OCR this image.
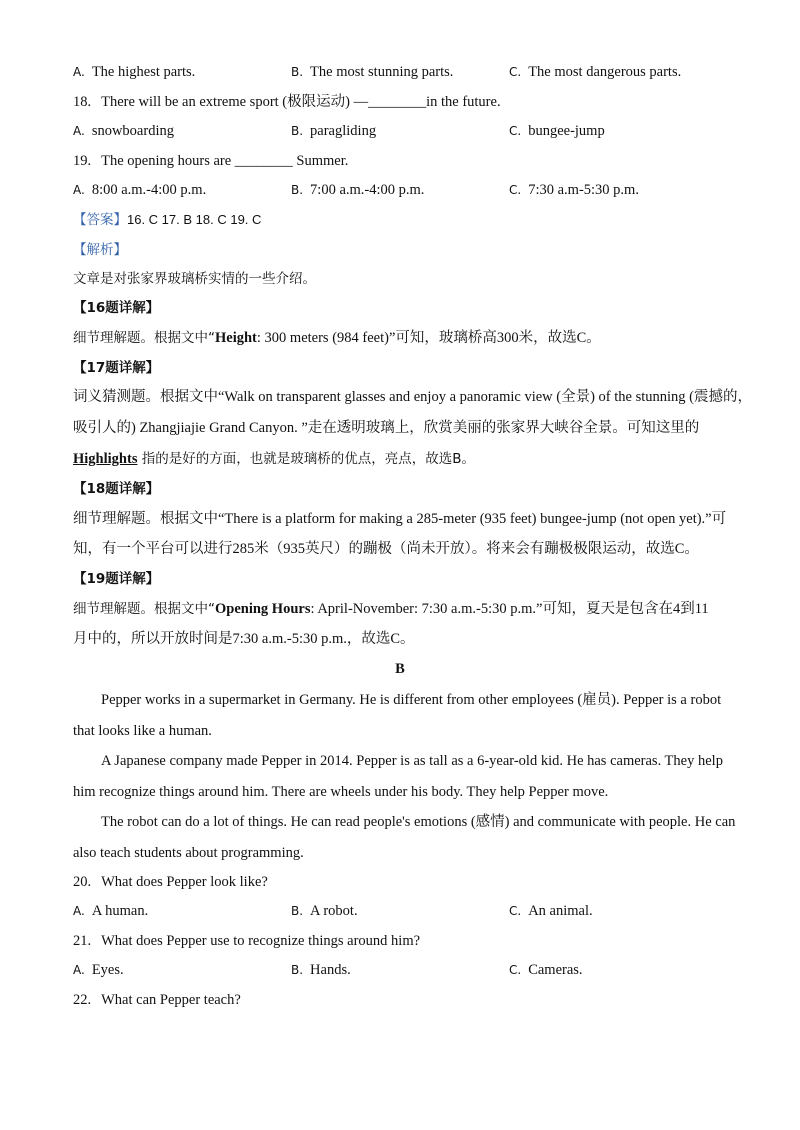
A. The highest parts.	B. The most stunning parts.	C. The most dangerous parts.
18. There will be an extreme sport (极限运动) —________in the future.
A. snowboarding	B. paragliding	C. bungee-jump
19. The opening hours are ________ Summer.
A. 8:00 a.m.-4:00 p.m.	B. 7:00 a.m.-4:00 p.m.	C. 7:30 a.m-5:30 p.m.
【答案】16. C 17. B 18. C 19. C
【解析】
文章是对张家界玻璃桥实情的一些介绍。
【16题详解】
细节理解题。根据文中“Height: 300 meters (984 feet)”可知，玻璃桥高300米，故选C。
【17题详解】
词义猜测题。根据文中“Walk on transparent glasses and enjoy a panoramic view (全景) of the stunning (震撼的，
吸引人的) Zhangjiajie Grand Canyon. ”走在透明玻璃上，欣赏美丽的张家界大峡谷全景。可知这里的
Highlights 指的是好的方面，也就是玻璃桥的优点，亮点，故选B。
【18题详解】
细节理解题。根据文中“There is a platform for making a 285-meter (935 feet) bungee-jump (not open yet).”可
知，有一个平台可以进行285米（935英尺）的蹦极（尚未开放）。将来会有蹦极极限运动，故选C。
【19题详解】
细节理解题。根据文中“Opening Hours: April-November: 7:30 a.m.-5:30 p.m.”可知，夏天是包含在4到11
月中的，所以开放时间是7:30 a.m.-5:30 p.m.，故选C。
B
Pepper works in a supermarket in Germany. He is different from other employees (雇员). Pepper is a robot
that looks like a human.
A Japanese company made Pepper in 2014. Pepper is as tall as a 6-year-old kid. He has cameras. They help
him recognize things around him. There are wheels under his body. They help Pepper move.
The robot can do a lot of things. He can read people's emotions (感情) and communicate with people. He can
also teach students about programming.
20. What does Pepper look like?
A. A human.	B. A robot.	C. An animal.
21. What does Pepper use to recognize things around him?
A. Eyes.	B. Hands.	C. Cameras.
22. What can Pepper teach?
